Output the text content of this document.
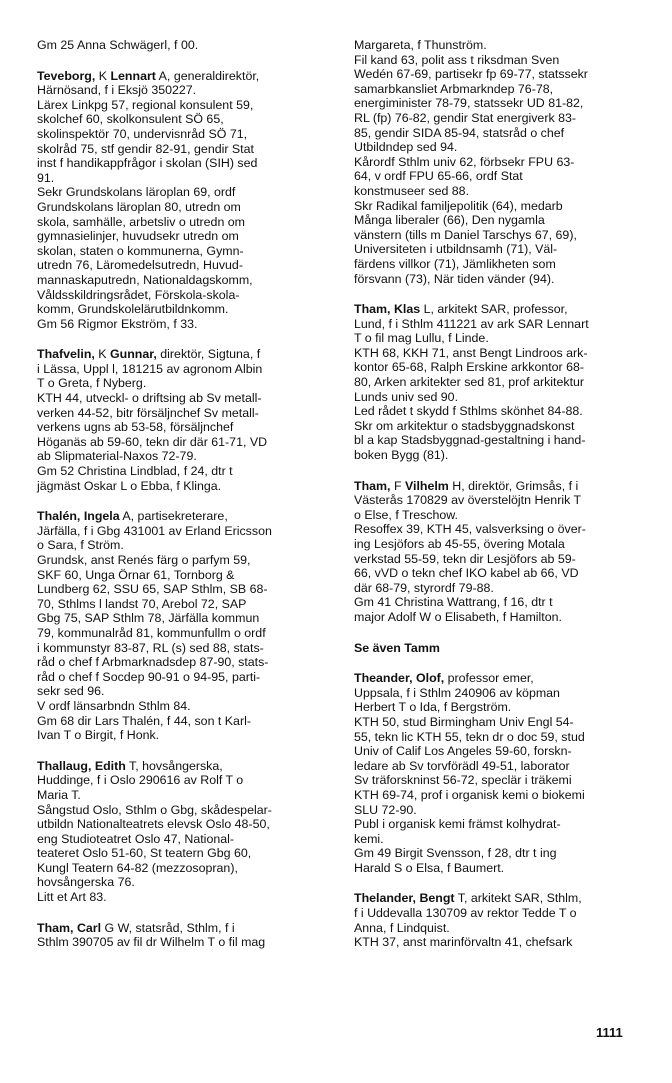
Gm 25 Anna Schwägerl, f 00.
Teveborg, K Lennart A, generaldirektör,
Härnösand, f i Eksjö 350227.
Lärex Linkpg 57, regional konsulent 59,
skolchef 60, skolkonsulent SÖ 65,
skolinspektör 70, undervisnråd SÖ 71,
skolråd 75, stf gendir 82-91, gendir Stat
inst f handikappfrågor i skolan (SIH) sed
91.
Sekr Grundskolans läroplan 69, ordf
Grundskolans läroplan 80, utredn om
skola, samhälle, arbetsliv o utredn om
gymnasielinjer, huvudsekr utredn om
skolan, staten o kommunerna, Gymn-
utredn 76, Läromedelsutredn, Huvud-
mannaskaputredn, Nationaldagskomm,
Våldsskildringsrådet, Förskola-skola-
komm, Grundskolelärutbildnkomm.
Gm 56 Rigmor Ekström, f 33.
Thafvelin, K Gunnar, direktör, Sigtuna, f
i Lässa, Uppl l, 181215 av agronom Albin
T o Greta, f Nyberg.
KTH 44, utveckl- o driftsing ab Sv metall-
verken 44-52, bitr försäljnchef Sv metall-
verkens ugns ab 53-58, försäljnchef
Höganäs ab 59-60, tekn dir där 61-71, VD
ab Slipmaterial-Naxos 72-79.
Gm 52 Christina Lindblad, f 24, dtr t
jägmäst Oskar L o Ebba, f Klinga.
Thalén, Ingela A, partisekreterare,
Järfälla, f i Gbg 431001 av Erland Ericsson
o Sara, f Ström.
Grundsk, anst Renés färg o parfym 59,
SKF 60, Unga Örnar 61, Tornborg &
Lundberg 62, SSU 65, SAP Sthlm, SB 68-
70, Sthlms l landst 70, Arebol 72, SAP
Gbg 75, SAP Sthlm 78, Järfälla kommun
79, kommunalråd 81, kommunfullm o ordf
i kommunstyr 83-87, RL (s) sed 88, stats-
råd o chef f Arbmarknadsdep 87-90, stats-
råd o chef f Socdep 90-91 o 94-95, parti-
sekr sed 96.
V ordf länsarbndn Sthlm 84.
Gm 68 dir Lars Thalén, f 44, son t Karl-
Ivan T o Birgit, f Honk.
Thallaug, Edith T, hovsångerska,
Huddinge, f i Oslo 290616 av Rolf T o
Maria T.
Sångstud Oslo, Sthlm o Gbg, skådespelar-
utbildn Nationalteatrets elevsk Oslo 48-50,
eng Studioteatret Oslo 47, National-
teateret Oslo 51-60, St teatern Gbg 60,
Kungl Teatern 64-82 (mezzosopran),
hovsångerska 76.
Litt et Art 83.
Tham, Carl G W, statsråd, Sthlm, f i
Sthlm 390705 av fil dr Wilhelm T o fil mag
Margareta, f Thunström.
Fil kand 63, polit ass t riksdman Sven
Wedén 67-69, partisekr fp 69-77, statssekr
samarbkansliet Arbmarkndep 76-78,
energiminister 78-79, statssekr UD 81-82,
RL (fp) 76-82, gendir Stat energiverk 83-
85, gendir SIDA 85-94, statsråd o chef
Utbildndep sed 94.
Kårordf Sthlm univ 62, förbsekr FPU 63-
64, v ordf FPU 65-66, ordf Stat
konstmuseer sed 88.
Skr Radikal familjepolitik (64), medarb
Många liberaler (66), Den nygamla
vänstern (tills m Daniel Tarschys 67, 69),
Universiteten i utbildnsamh (71), Väl-
färdens villkor (71), Jämlikheten som
försvann (73), När tiden vänder (94).
Tham, Klas L, arkitekt SAR, professor,
Lund, f i Sthlm 411221 av ark SAR Lennart
T o fil mag Lullu, f Linde.
KTH 68, KKH 71, anst Bengt Lindroos ark-
kontor 65-68, Ralph Erskine arkkontor 68-
80, Arken arkitekter sed 81, prof arkitektur
Lunds univ sed 90.
Led rådet t skydd f Sthlms skönhet 84-88.
Skr om arkitektur o stadsbyggnadskonst
bl a kap Stadsbyggnad-gestaltning i hand-
boken Bygg (81).
Tham, F Vilhelm H, direktör, Grimsås, f i
Västerås 170829 av överstelöjtn Henrik T
o Else, f Treschow.
Resoffex 39, KTH 45, valsverksing o över-
ing Lesjöfors ab 45-55, övering Motala
verkstad 55-59, tekn dir Lesjöfors ab 59-
66, vVD o tekn chef IKO kabel ab 66, VD
där 68-79, styrordf 79-88.
Gm 41 Christina Wattrang, f 16, dtr t
major Adolf W o Elisabeth, f Hamilton.
Se även Tamm
Theander, Olof, professor emer,
Uppsala, f i Sthlm 240906 av köpman
Herbert T o Ida, f Bergström.
KTH 50, stud Birmingham Univ Engl 54-
55, tekn lic KTH 55, tekn dr o doc 59, stud
Univ of Calif Los Angeles 59-60, forskn-
ledare ab Sv torvförädl 49-51, laborator
Sv träforskninst 56-72, speclär i träkemi
KTH 69-74, prof i organisk kemi o biokemi
SLU 72-90.
Publ i organisk kemi främst kolhydrat-
kemi.
Gm 49 Birgit Svensson, f 28, dtr t ing
Harald S o Elsa, f Baumert.
Thelander, Bengt T, arkitekt SAR, Sthlm,
f i Uddevalla 130709 av rektor Tedde T o
Anna, f Lindquist.
KTH 37, anst marinförvaltn 41, chefsark
1111
